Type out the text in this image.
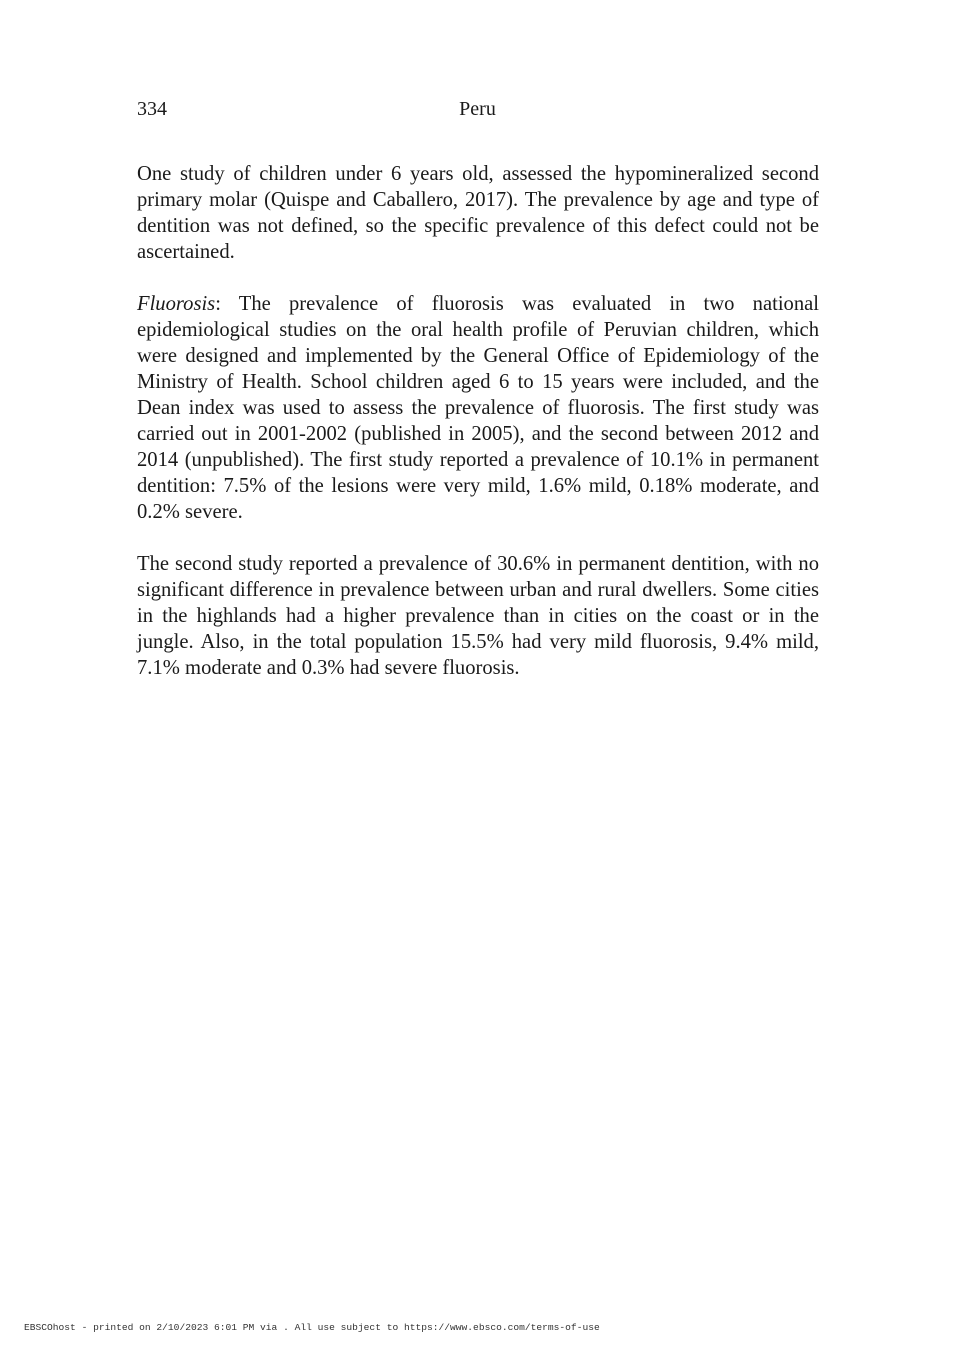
334	Peru

One study of children under 6 years old, assessed the hypomineralized second primary molar (Quispe and Caballero, 2017). The prevalence by age and type of dentition was not defined, so the specific prevalence of this defect could not be ascertained.

Fluorosis: The prevalence of fluorosis was evaluated in two national epidemiological studies on the oral health profile of Peruvian children, which were designed and implemented by the General Office of Epidemiology of the Ministry of Health. School children aged 6 to 15 years were included, and the Dean index was used to assess the prevalence of fluorosis. The first study was carried out in 2001-2002 (published in 2005), and the second between 2012 and 2014 (unpublished). The first study reported a prevalence of 10.1% in permanent dentition: 7.5% of the lesions were very mild, 1.6% mild, 0.18% moderate, and 0.2% severe.

The second study reported a prevalence of 30.6% in permanent dentition, with no significant difference in prevalence between urban and rural dwellers. Some cities in the highlands had a higher prevalence than in cities on the coast or in the jungle. Also, in the total population 15.5% had very mild fluorosis, 9.4% mild, 7.1% moderate and 0.3% had severe fluorosis.

EBSCOhost - printed on 2/10/2023 6:01 PM via . All use subject to https://www.ebsco.com/terms-of-use
